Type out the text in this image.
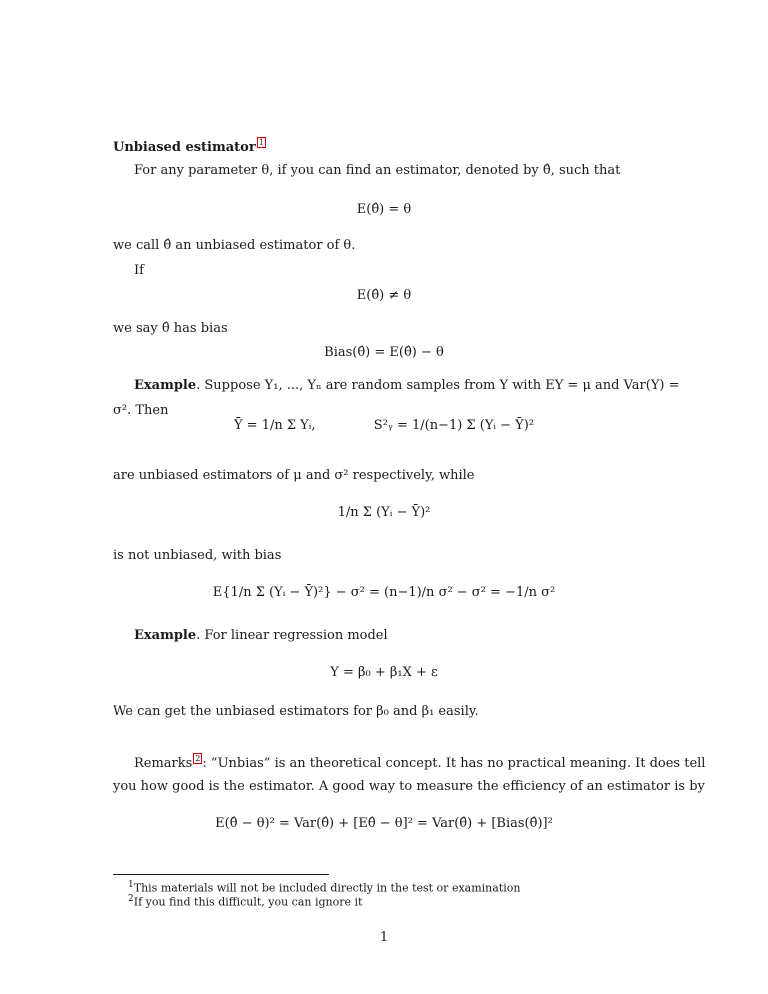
Unbiased estimator 1
For any parameter θ, if you can find an estimator, denoted by θ̂, such that
E(θ̂) = θ
we call θ̂ an unbiased estimator of θ.
If
E(θ̂) ≠ θ
we say θ̂ has bias
Bias(θ̂) = E(θ̂) − θ
Example. Suppose Y₁, ..., Yₙ are random samples from Y with EY = μ and Var(Y) =
σ². Then
Ȳ = 1/n Σ Yᵢ,	S²ᵧ = 1/(n−1) Σ (Yᵢ − Ȳ)²
are unbiased estimators of μ and σ² respectively, while
1/n Σ (Yᵢ − Ȳ)²
is not unbiased, with bias
E{1/n Σ (Yᵢ − Ȳ)²} − σ² = (n−1)/n σ² − σ² = −1/n σ²
Example. For linear regression model
Y = β₀ + β₁X + ε
We can get the unbiased estimators for β₀ and β₁ easily.
Remarks 2 : ”Unbias” is an theoretical concept. It has no practical meaning. It does tell
you how good is the estimator. A good way to measure the efficiency of an estimator is by
E(θ̂ − θ)² = Var(θ̂) + [Eθ̂ − θ]² = Var(θ̂) + [Bias(θ̂)]²
$^1$This materials will not be included directly in the test or examination
$^2$If you find this difficult, you can ignore it
1
